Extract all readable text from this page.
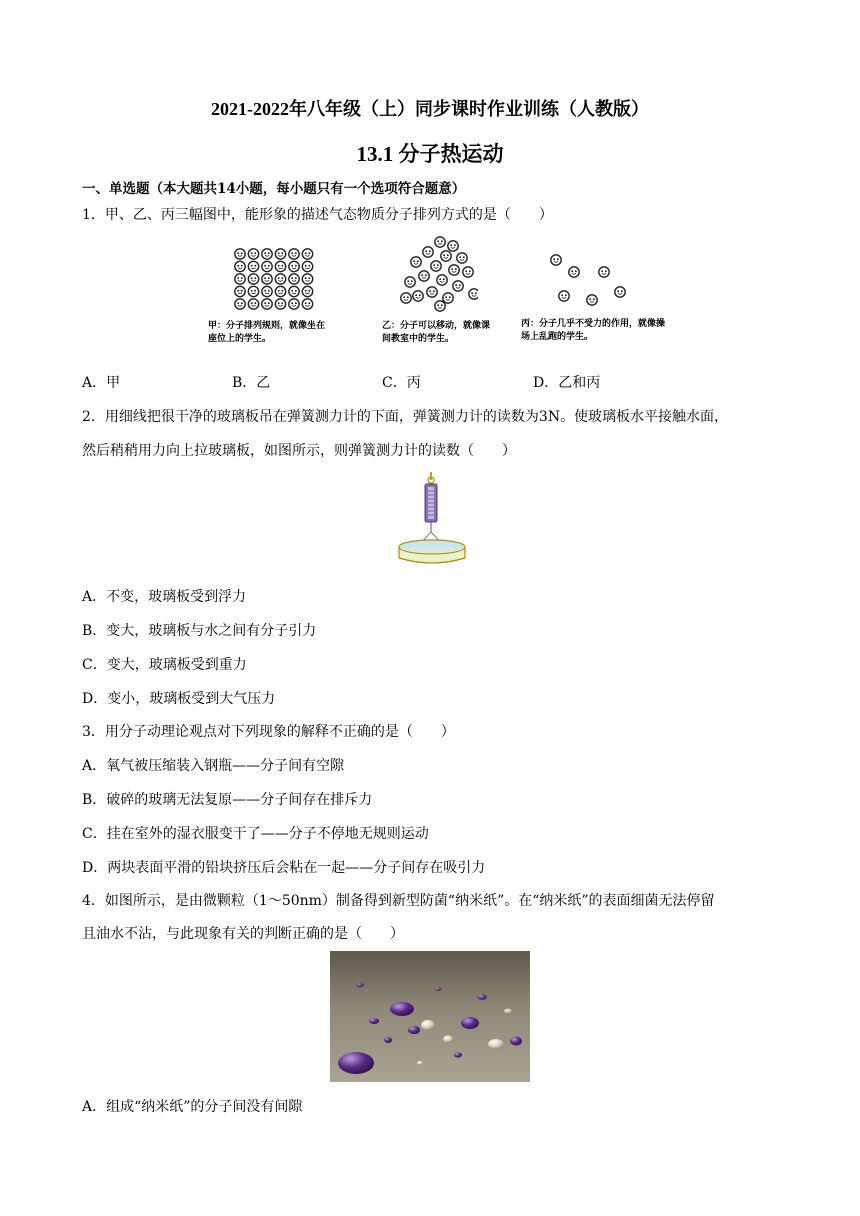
2021-2022年八年级（上）同步课时作业训练（人教版）
13.1 分子热运动
一、单选题（本大题共14小题，每小题只有一个选项符合题意）
1．甲、乙、丙三幅图中，能形象的描述气态物质分子排列方式的是（　　）
甲：分子排列规则，就像坐在座位上的学生。
乙：分子可以移动，就像课间教室中的学生。
丙：分子几乎不受力的作用，就像操场上乱跑的学生。
A．甲	B．乙	C．丙	D．乙和丙
2．用细线把很干净的玻璃板吊在弹簧测力计的下面，弹簧测力计的读数为3N。使玻璃板水平接触水面，
然后稍稍用力向上拉玻璃板，如图所示，则弹簧测力计的读数（　　）
A．不变，玻璃板受到浮力
B．变大，玻璃板与水之间有分子引力
C．变大，玻璃板受到重力
D．变小，玻璃板受到大气压力
3．用分子动理论观点对下列现象的解释不正确的是（　　）
A．氧气被压缩装入钢瓶——分子间有空隙
B．破碎的玻璃无法复原——分子间存在排斥力
C．挂在室外的湿衣服变干了——分子不停地无规则运动
D．两块表面平滑的铅块挤压后会粘在一起——分子间存在吸引力
4．如图所示，是由微颗粒（1～50nm）制备得到新型防菌“纳米纸”。在“纳米纸”的表面细菌无法停留
且油水不沾，与此现象有关的判断正确的是（　　）
A．组成“纳米纸”的分子间没有间隙
